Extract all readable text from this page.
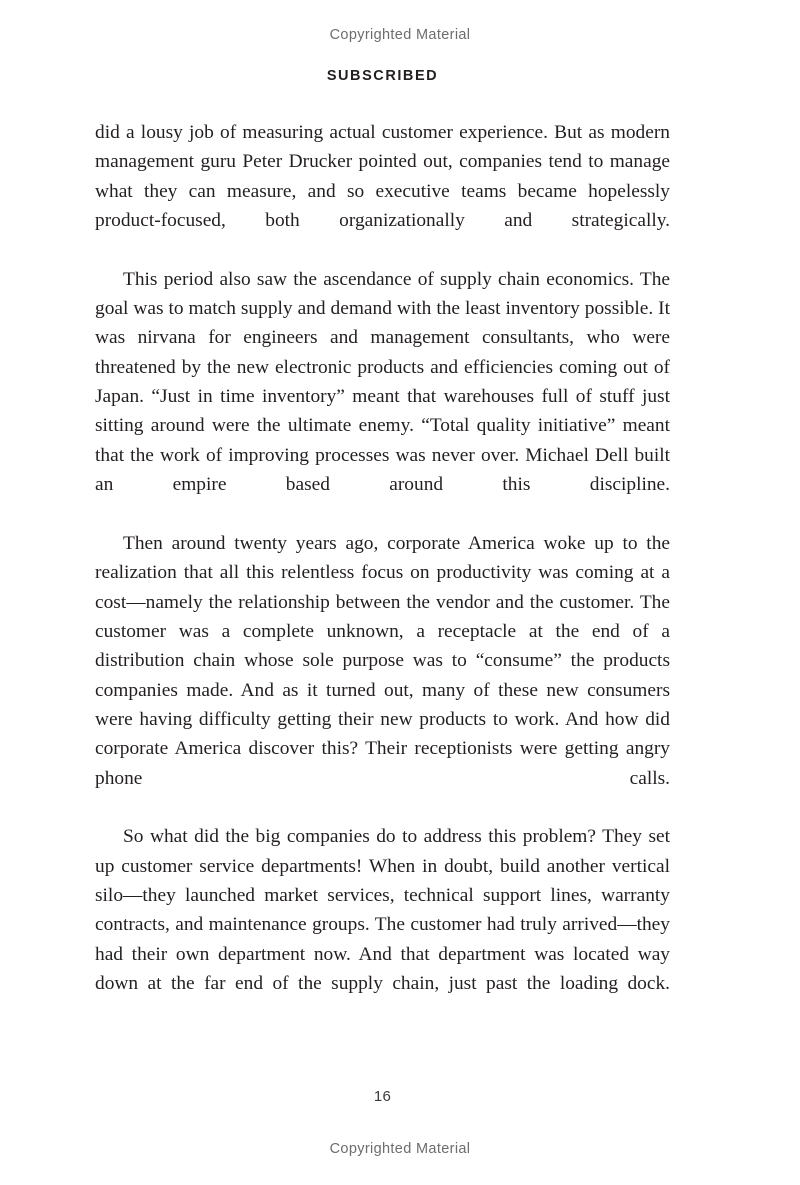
Copyrighted Material
SUBSCRIBED

did a lousy job of measuring actual customer experience. But as modern management guru Peter Drucker pointed out, companies tend to manage what they can measure, and so executive teams became hopelessly product-focused, both organizationally and strategically.

This period also saw the ascendance of supply chain economics. The goal was to match supply and demand with the least inventory possible. It was nirvana for engineers and management consultants, who were threatened by the new electronic products and efficiencies coming out of Japan. “Just in time inventory” meant that warehouses full of stuff just sitting around were the ultimate enemy. “Total quality initiative” meant that the work of improving processes was never over. Michael Dell built an empire based around this discipline.

Then around twenty years ago, corporate America woke up to the realization that all this relentless focus on productivity was coming at a cost—namely the relationship between the vendor and the customer. The customer was a complete unknown, a receptacle at the end of a distribution chain whose sole purpose was to “consume” the products companies made. And as it turned out, many of these new consumers were having difficulty getting their new products to work. And how did corporate America discover this? Their receptionists were getting angry phone calls.

So what did the big companies do to address this problem? They set up customer service departments! When in doubt, build another vertical silo—they launched market services, technical support lines, warranty contracts, and maintenance groups. The customer had truly arrived—they had their own department now. And that department was located way down at the far end of the supply chain, just past the loading dock.

16
Copyrighted Material
